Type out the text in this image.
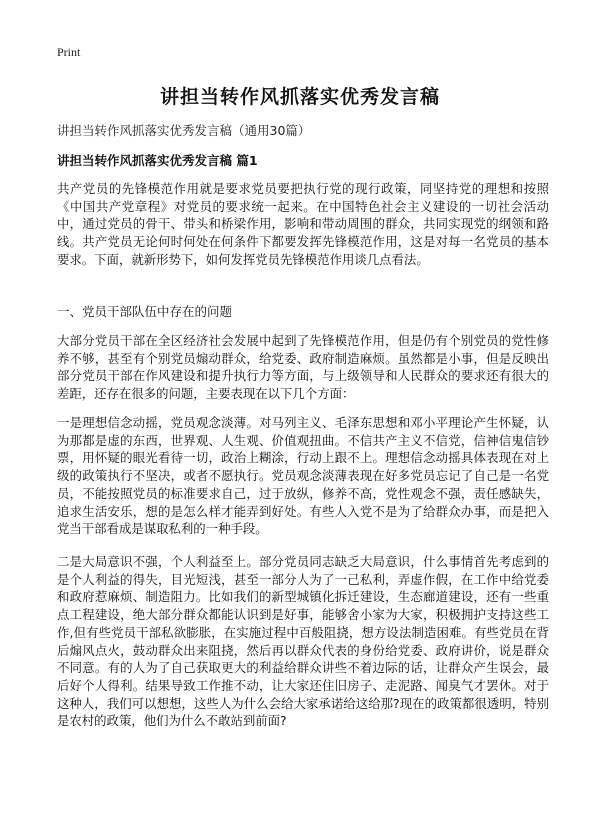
Print
讲担当转作风抓落实优秀发言稿
讲担当转作风抓落实优秀发言稿（通用30篇）
讲担当转作风抓落实优秀发言稿 篇1

共产党员的先锋模范作用就是要求党员要把执行党的现行政策，同坚持党的理想和按照《中国共产党章程》对党员的要求统一起来。在中国特色社会主义建设的一切社会活动中，通过党员的骨干、带头和桥梁作用，影响和带动周围的群众，共同实现党的纲领和路线。共产党员无论何时何处在何条件下都要发挥先锋模范作用，这是对每一名党员的基本要求。下面，就新形势下，如何发挥党员先锋模范作用谈几点看法。

一、党员干部队伍中存在的问题

大部分党员干部在全区经济社会发展中起到了先锋模范作用，但是仍有个别党员的党性修养不够，甚至有个别党员煽动群众，给党委、政府制造麻烦。虽然都是小事，但是反映出部分党员干部在作风建设和提升执行力等方面，与上级领导和人民群众的要求还有很大的差距，还存在很多的问题，主要表现在以下几个方面：

一是理想信念动摇，党员观念淡薄。对马列主义、毛泽东思想和邓小平理论产生怀疑，认为那都是虚的东西，世界观、人生观、价值观扭曲。不信共产主义不信党，信神信鬼信钞票，用怀疑的眼光看待一切，政治上糊涂，行动上跟不上。理想信念动摇具体表现在对上级的政策执行不坚决，或者不愿执行。党员观念淡薄表现在好多党员忘记了自己是一名党员，不能按照党员的标准要求自己，过于放纵，修养不高，党性观念不强，责任感缺失，追求生活安乐，想的是怎么样才能弄到好处。有些人入党不是为了给群众办事，而是把入党当干部看成是谋取私利的一种手段。

二是大局意识不强，个人利益至上。部分党员同志缺乏大局意识，什么事情首先考虑到的是个人利益的得失，目光短浅，甚至一部分人为了一己私利，弄虚作假，在工作中给党委和政府惹麻烦、制造阻力。比如我们的新型城镇化拆迁建设，生态廊道建设，还有一些重点工程建设，绝大部分群众都能认识到是好事，能够舍小家为大家，积极拥护支持这些工作,但有些党员干部私欲膨胀，在实施过程中百般阻挠，想方设法制造困难。有些党员在背后煽风点火，鼓动群众出来阻挠，然后再以群众代表的身份给党委、政府讲价，说是群众不同意。有的人为了自己获取更大的利益给群众讲些不着边际的话，让群众产生误会，最后好个人得利。结果导致工作推不动，让大家还住旧房子、走泥路、闻臭气才罢休。对于这种人，我们可以想想，这些人为什么会给大家承诺给这给那?现在的政策都很透明，特别是农村的政策，他们为什么不敢站到前面?
